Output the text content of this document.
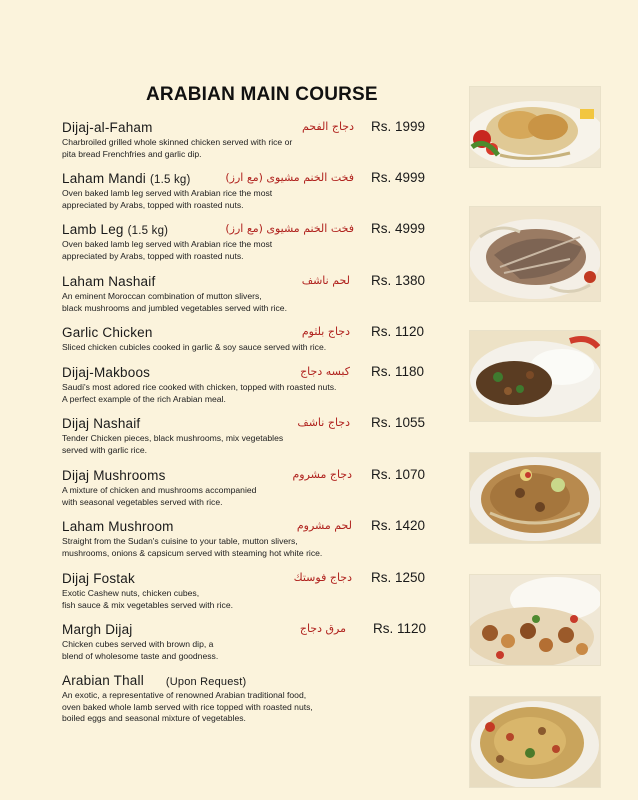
ARABIAN MAIN COURSE
Dijaj-al-Faham	دجاج الفحم Rs. 1999
Charbroiled grilled whole skinned chicken served with rice or
pita bread Frenchfries and garlic dip.
Laham Mandi (1.5 kg)	فخت الخنم مشيوى (مع ارز) Rs. 4999
Oven baked lamb leg served with Arabian rice the most
appreciated by Arabs, topped with roasted nuts.
Lamb Leg (1.5 kg)	فخت الخنم مشيوى (مع ارز) Rs. 4999
Oven baked lamb leg served with Arabian rice the most
appreciated by Arabs, topped with roasted nuts.
Laham Nashaif	لحم ناشف Rs. 1380
An eminent Moroccan combination of mutton slivers,
black mushrooms and jumbled vegetables served with rice.
Garlic Chicken	دجاج بلثوم Rs. 1120
Sliced chicken cubicles cooked in garlic & soy sauce served with rice.
Dijaj-Makboos	كبسه دجاج Rs. 1180
Saudi's most adored rice cooked with chicken, topped with roasted nuts.
A perfect example of the rich Arabian meal.
Dijaj Nashaif	دجاج ناشف Rs. 1055
Tender Chicken pieces, black mushrooms, mix vegetables
served with garlic rice.
Dijaj Mushrooms	دجاج مشروم Rs. 1070
A mixture of chicken and mushrooms accompanied
with seasonal vegetables served with rice.
Laham Mushroom	لحم مشروم Rs. 1420
Straight from the Sudan's cuisine to your table, mutton slivers,
mushrooms, onions & capsicum served with steaming hot white rice.
Dijaj Fostak	دجاج فوستك Rs. 1250
Exotic Cashew nuts, chicken cubes,
fish sauce & mix vegetables served with rice.
Margh Dijaj	مرق دجاج Rs. 1120
Chicken cubes served with brown dip, a
blend of wholesome taste and goodness.
Arabian Thall (Upon Request)
An exotic, a representative of renowned Arabian traditional food,
oven baked whole lamb served with rice topped with roasted nuts,
boiled eggs and seasonal mixture of vegetables.
